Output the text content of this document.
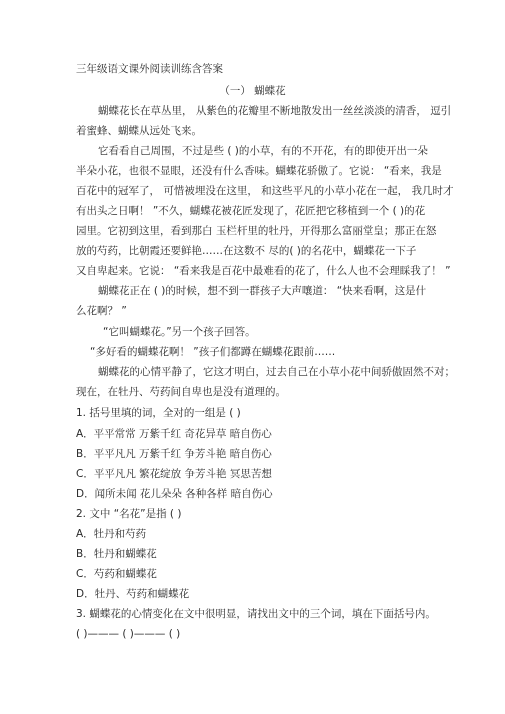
三年级语文课外阅读训练含答案
（一） 蝴蝶花
蝴蝶花长在草丛里， 从紫色的花瓣里不断地散发出一丝丝淡淡的清香， 逗引
着蜜蜂、蝴蝶从远处飞来。
它看看自己周围，不过是些 ( )的小草，有的不开花，有的即使开出一朵
半朵小花，也很不显眼，还没有什么香味。蝴蝶花骄傲了。它说： “看来，我是
百花中的冠军了， 可惜被埋没在这里， 和这些平凡的小草小花在一起， 我几时才
有出头之日啊！ ”不久，蝴蝶花被花匠发现了，花匠把它移植到一个 ( )的花
园里。它初到这里，看到那白 玉栏杆里的牡丹，开得那么富丽堂皇；那正在怒
放的芍药，比朝霞还要鲜艳……在这数不 尽的( )的名花中，蝴蝶花一下子
又自卑起来。它说： “看来我是百花中最难看的花了，什么人也不会理睬我了！ ”
蝴蝶花正在 ( )的时候，想不到一群孩子大声嚷道： “快来看啊，这是什
么花啊？ ”
“它叫蝴蝶花。”另一个孩子回答。
“多好看的蝴蝶花啊！ ”孩子们都蹲在蝴蝶花跟前……
蝴蝶花的心情平静了，它这才明白，过去自己在小草小花中间骄傲固然不对；
现在，在牡丹、芍药间自卑也是没有道理的。
1. 括号里填的词，全对的一组是 ( )
A．平平常常 万紫千红 奇花异草 暗自伤心
B．平平凡凡 万紫千红 争芳斗艳 暗自伤心
C．平平凡凡 繁花绽放 争芳斗艳 冥思苦想
D．闻所未闻 花儿朵朵 各种各样 暗自伤心
2. 文中 “名花”是指 ( )
A．牡丹和芍药
B．牡丹和蝴蝶花
C．芍药和蝴蝶花
D．牡丹、芍药和蝴蝶花
3. 蝴蝶花的心情变化在文中很明显，请找出文中的三个词，填在下面括号内。
( )——— ( )——— ( )
